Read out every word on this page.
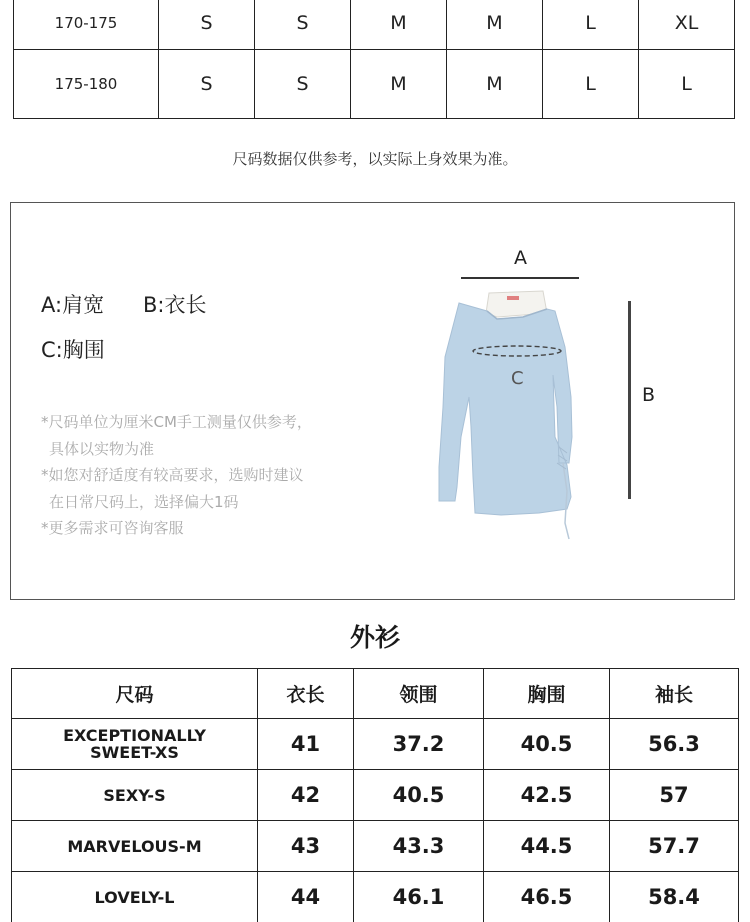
170-175	S	S	M	M	L	XL
175-180	S	S	M	M	L	L
尺码数据仅供参考，以实际上身效果为准。
A:肩宽 B:衣长
C:胸围
*尺码单位为厘米CM手工测量仅供参考，
具体以实物为准
*如您对舒适度有较高要求，选购时建议
在日常尺码上，选择偏大1码
*更多需求可咨询客服
A
C
B
外衫
尺码	衣长	领围	胸围	袖长

EXCEPTIONALLY
SWEET-XS	41	37.2	40.5	56.3
SEXY-S	42	40.5	42.5	57
MARVELOUS-M	43	43.3	44.5	57.7
LOVELY-L	44	46.1	46.5	58.4
